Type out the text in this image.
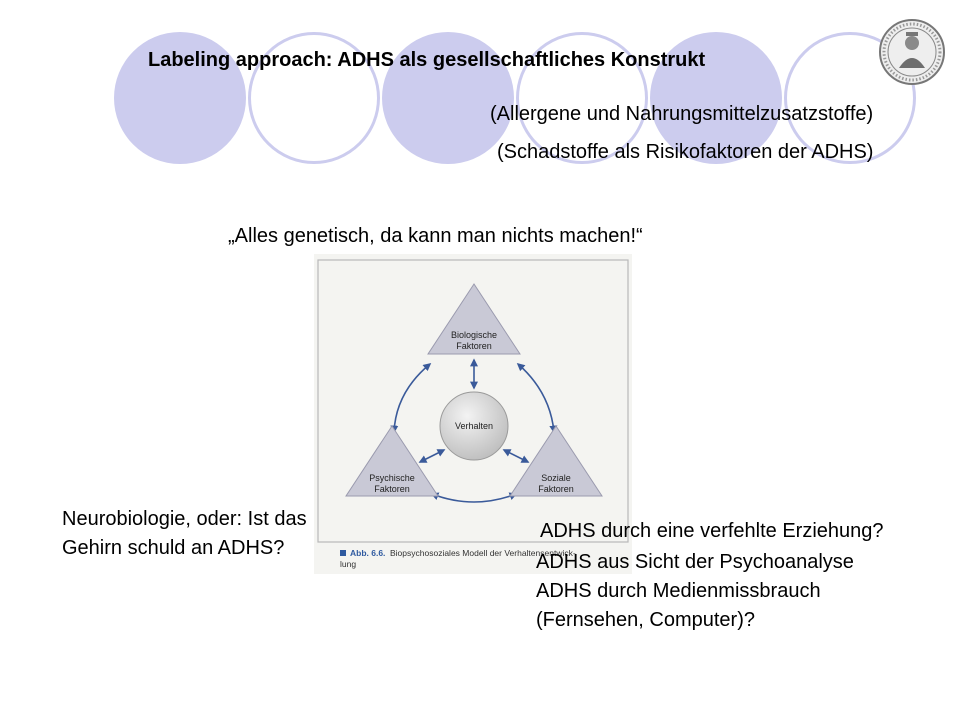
Labeling approach: ADHS als gesellschaftliches Konstrukt
(Allergene und Nahrungsmittelzusatzstoffe)
(Schadstoffe als Risikofaktoren der ADHS)
„Alles genetisch, da kann man nichts machen!“
Biologische
Faktoren
Verhalten
Psychische
Faktoren
Soziale
Faktoren
Abb. 6.6. Biopsychosoziales Modell der Verhaltensentwick-
lung
Neurobiologie, oder: Ist das
Gehirn schuld an ADHS?
ADHS durch eine verfehlte Erziehung?
ADHS aus Sicht der Psychoanalyse
ADHS durch Medienmissbrauch
(Fernsehen, Computer)?
